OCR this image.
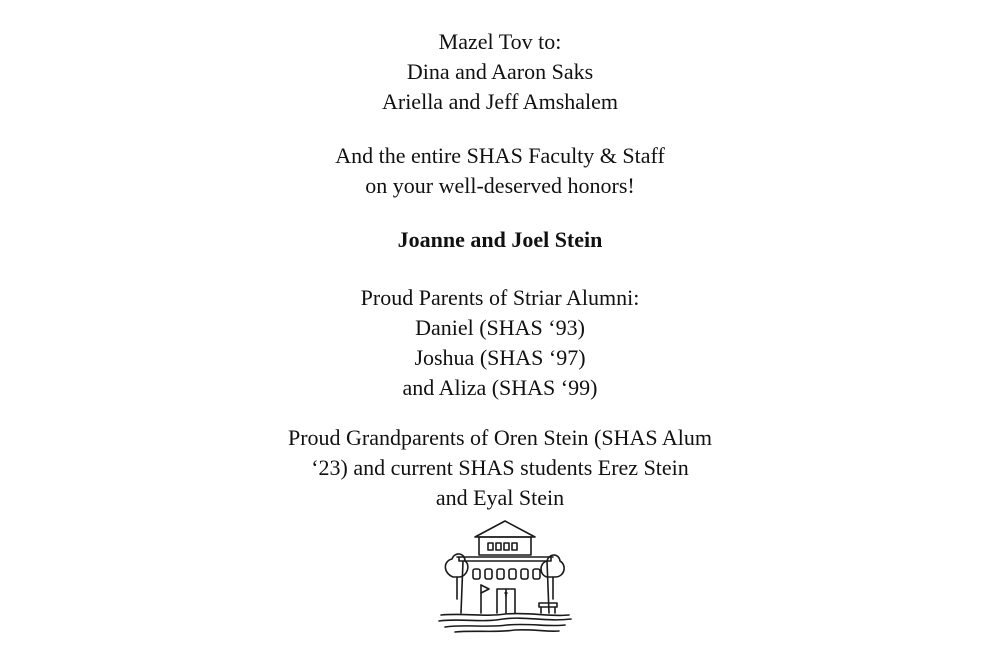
Mazel Tov to:
Dina and Aaron Saks
Ariella and Jeff Amshalem
And the entire SHAS Faculty & Staff
on your well-deserved honors!
Joanne and Joel Stein
Proud Parents of Striar Alumni:
Daniel (SHAS ‘93)
Joshua (SHAS ‘97)
and Aliza (SHAS ‘99)
Proud Grandparents of Oren Stein (SHAS Alum
‘23) and current SHAS students Erez Stein
and Eyal Stein
